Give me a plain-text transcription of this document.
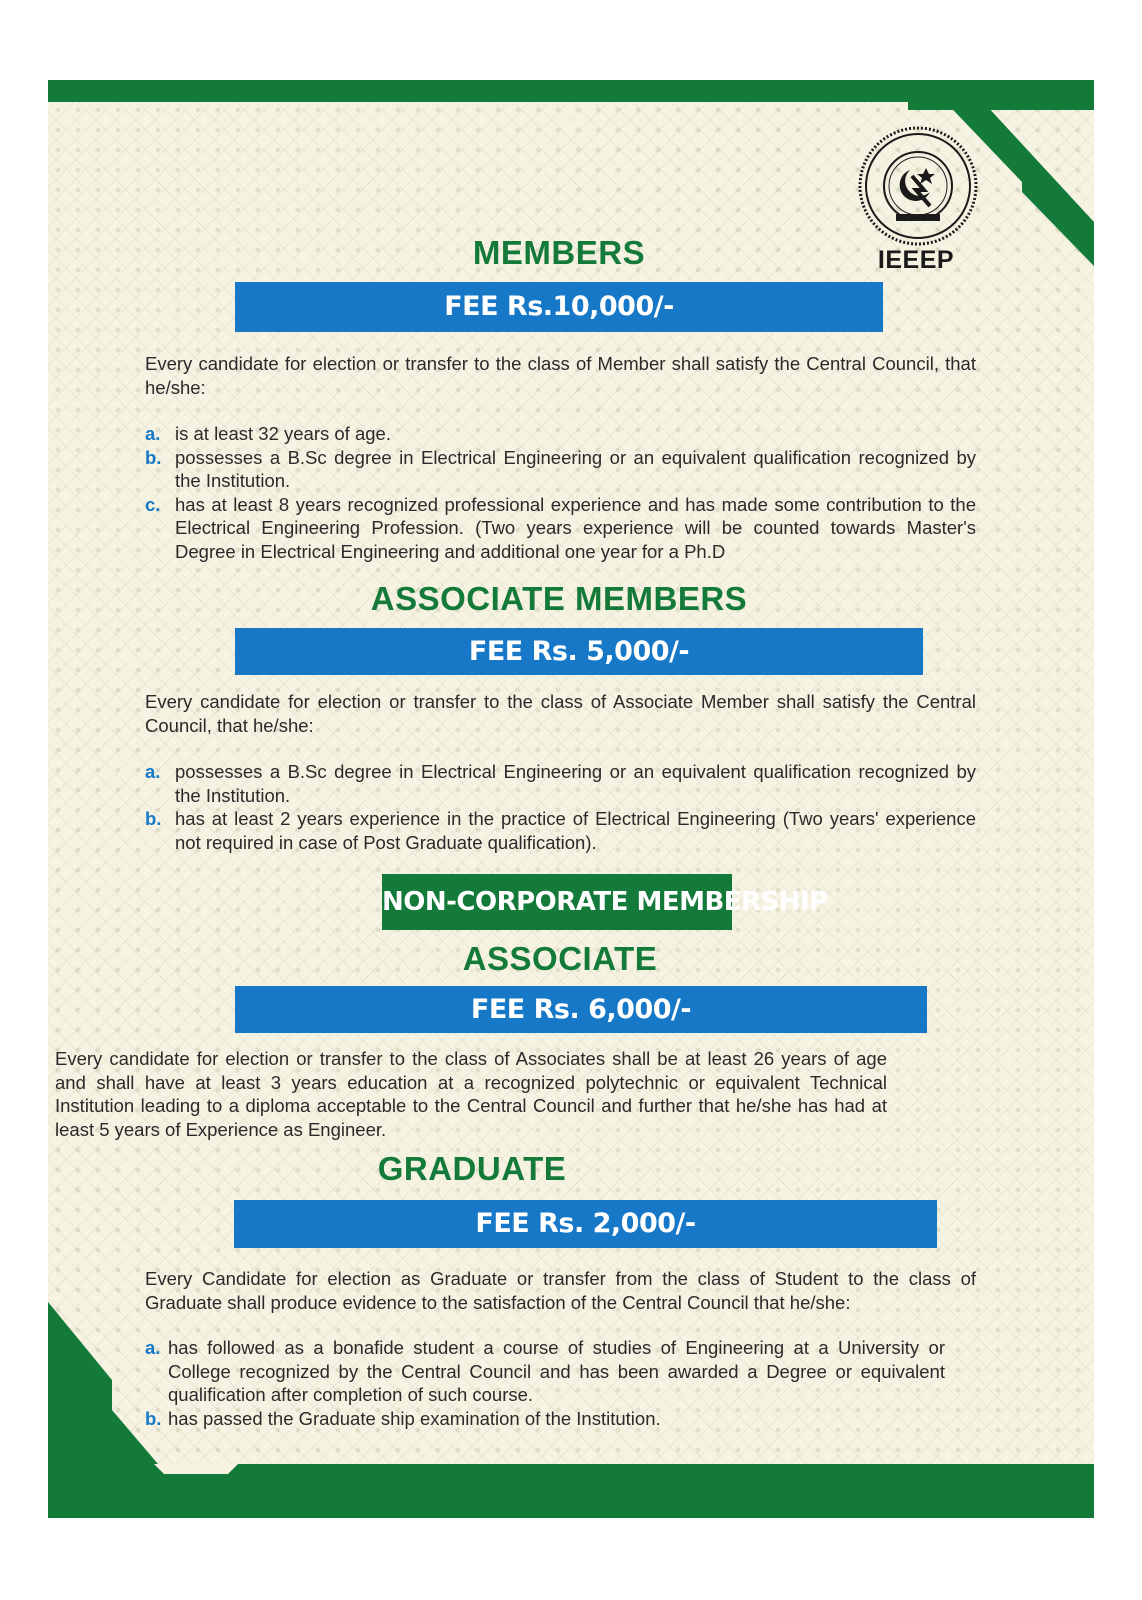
IEEEP
MEMBERS
FEE Rs.10,000/-

Every candidate for election or transfer to the class of Member shall satisfy the Central Council, that he/she:

a. is at least 32 years of age.
b. possesses a B.Sc degree in Electrical Engineering or an equivalent qualification recognized by the Institution.
c. has at least 8 years recognized professional experience and has made some contribution to the Electrical Engineering Profession. (Two years experience will be counted towards Master's Degree in Electrical Engineering and additional one year for a Ph.D
ASSOCIATE MEMBERS
FEE Rs. 5,000/-

Every candidate for election or transfer to the class of Associate Member shall satisfy the Central Council, that he/she:

a. possesses a B.Sc degree in Electrical Engineering or an equivalent qualification recognized by the Institution.
b. has at least 2 years experience in the practice of Electrical Engineering (Two years' experience not required in case of Post Graduate qualification).
NON-CORPORATE MEMBERSHIP
ASSOCIATE
FEE Rs. 6,000/-

Every candidate for election or transfer to the class of Associates shall be at least 26 years of age and shall have at least 3 years education at a recognized polytechnic or equivalent Technical Institution leading to a diploma acceptable to the Central Council and further that he/she has had at least 5 years of Experience as Engineer.

GRADUATE
FEE Rs. 2,000/-

Every Candidate for election as Graduate or transfer from the class of Student to the class of Graduate shall produce evidence to the satisfaction of the Central Council that he/she:

a. has followed as a bonafide student a course of studies of Engineering at a University or College recognized by the Central Council and has been awarded a Degree or equivalent qualification after completion of such course.
b. has passed the Graduate ship examination of the Institution.
